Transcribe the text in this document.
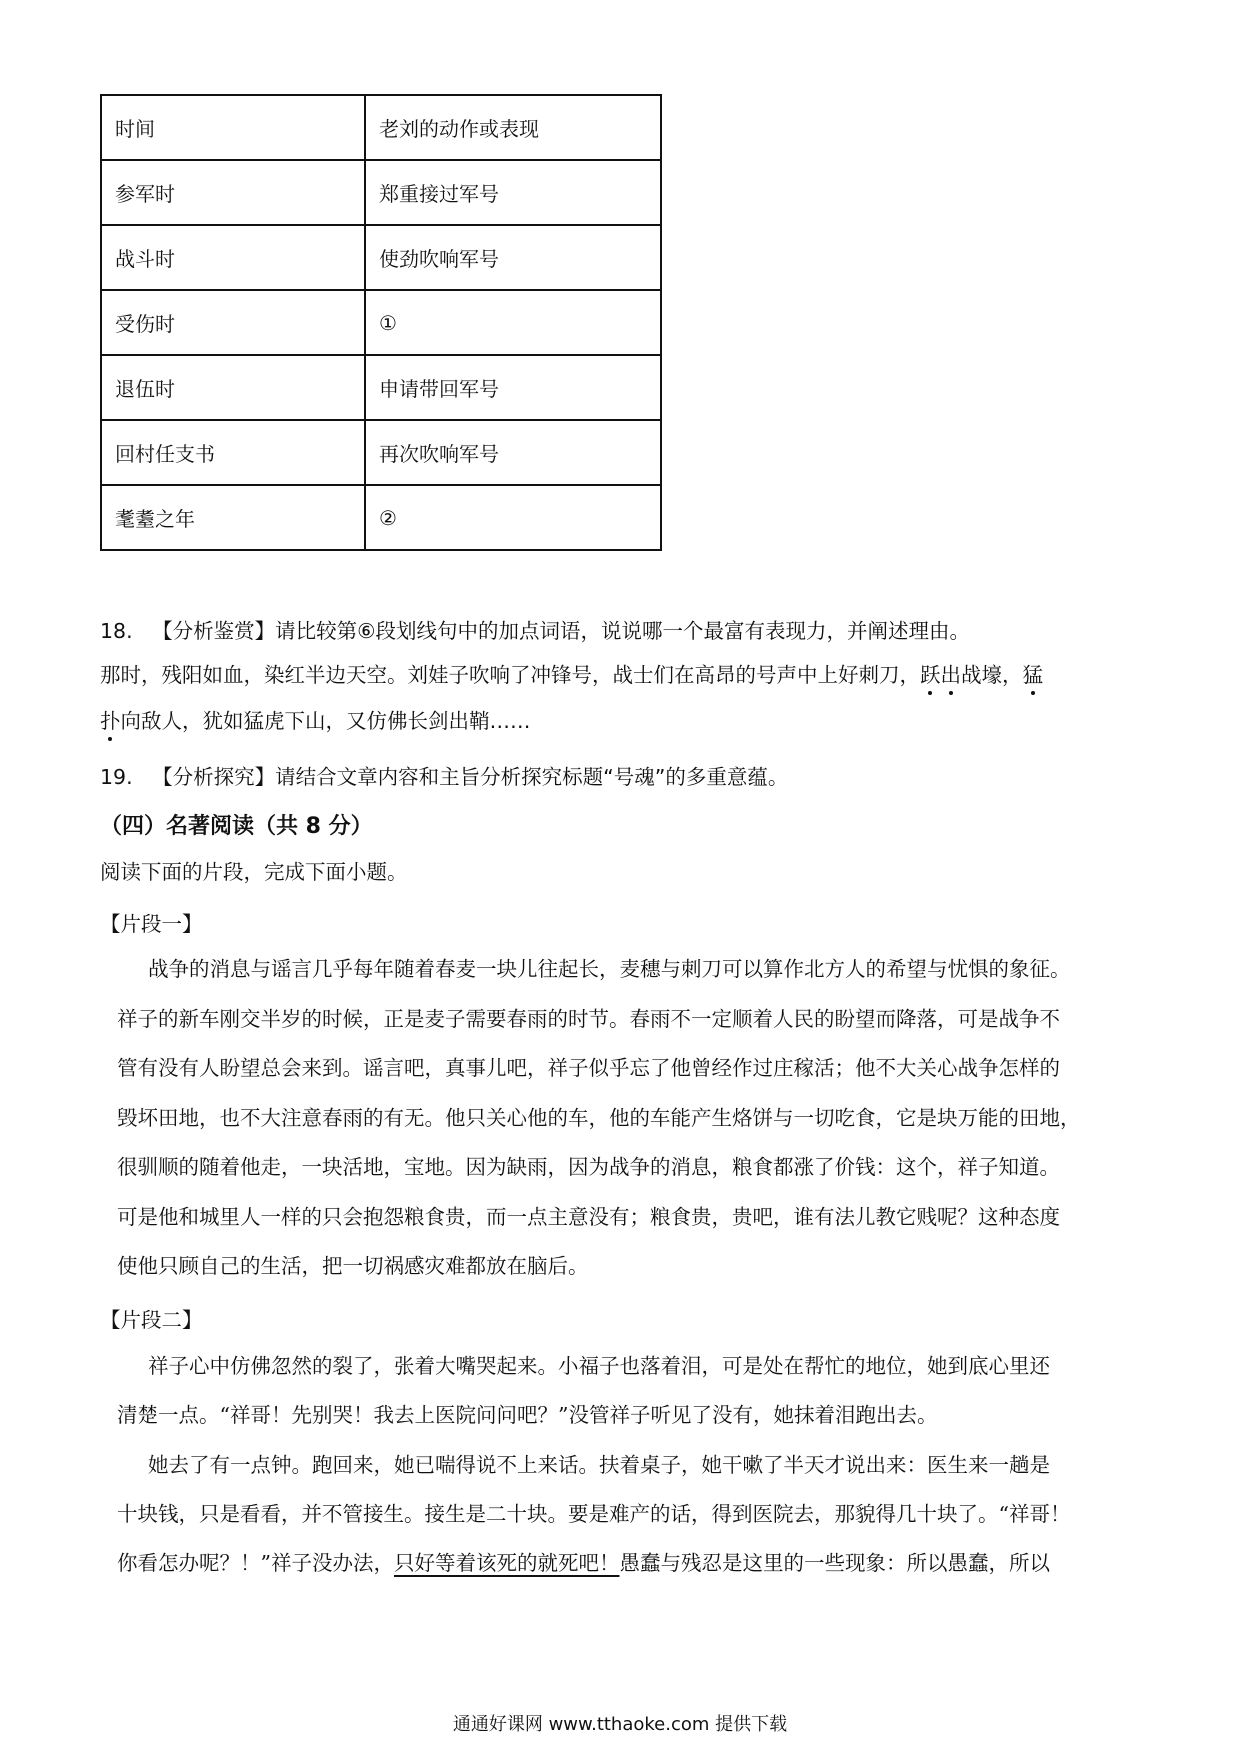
时间	老刘的动作或表现
参军时	郑重接过军号
战斗时	使劲吹响军号
受伤时	①
退伍时	申请带回军号
回村任支书	再次吹响军号
耄耋之年	②
18. 【分析鉴赏】请比较第⑥段划线句中的加点词语，说说哪一个最富有表现力，并阐述理由。
那时，残阳如血，染红半边天空。刘娃子吹响了冲锋号，战士们在高昂的号声中上好刺刀，跃出战壕，猛
扑向敌人，犹如猛虎下山，又仿佛长剑出鞘……
19. 【分析探究】请结合文章内容和主旨分析探究标题“号魂”的多重意蕴。
（四）名著阅读（共 8 分）
阅读下面的片段，完成下面小题。
【片段一】
战争的消息与谣言几乎每年随着春麦一块儿往起长，麦穗与刺刀可以算作北方人的希望与忧惧的象征。
祥子的新车刚交半岁的时候，正是麦子需要春雨的时节。春雨不一定顺着人民的盼望而降落，可是战争不
管有没有人盼望总会来到。谣言吧，真事儿吧，祥子似乎忘了他曾经作过庄稼活；他不大关心战争怎样的
毁坏田地，也不大注意春雨的有无。他只关心他的车，他的车能产生烙饼与一切吃食，它是块万能的田地，
很驯顺的随着他走，一块活地，宝地。因为缺雨，因为战争的消息，粮食都涨了价钱：这个，祥子知道。
可是他和城里人一样的只会抱怨粮食贵，而一点主意没有；粮食贵，贵吧，谁有法儿教它贱呢？这种态度
使他只顾自己的生活，把一切祸感灾难都放在脑后。
【片段二】
祥子心中仿佛忽然的裂了，张着大嘴哭起来。小福子也落着泪，可是处在帮忙的地位，她到底心里还
清楚一点。“祥哥！先别哭！我去上医院问问吧？”没管祥子听见了没有，她抹着泪跑出去。
她去了有一点钟。跑回来，她已喘得说不上来话。扶着桌子，她干嗽了半天才说出来：医生来一趟是
十块钱，只是看看，并不管接生。接生是二十块。要是难产的话，得到医院去，那貌得几十块了。“祥哥！
你看怎办呢？！”祥子没办法，只好等着该死的就死吧！愚蠢与残忍是这里的一些现象：所以愚蠢，所以
通通好课网 www.tthaoke.com 提供下载
